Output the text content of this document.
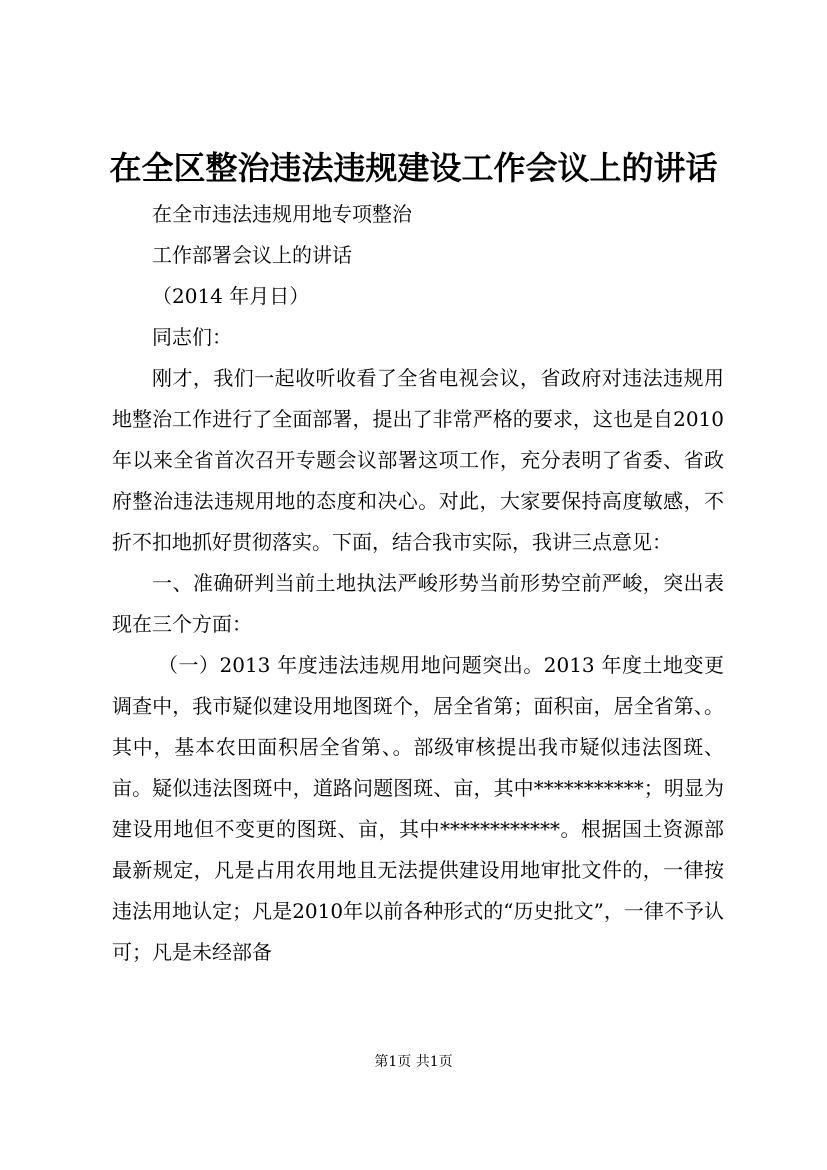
在全区整治违法违规建设工作会议上的讲话
在全市违法违规用地专项整治
工作部署会议上的讲话
（2014 年月日）
同志们：
刚才，我们一起收听收看了全省电视会议，省政府对违法违规用地整治工作进行了全面部署，提出了非常严格的要求，这也是自2010年以来全省首次召开专题会议部署这项工作，充分表明了省委、省政府整治违法违规用地的态度和决心。对此，大家要保持高度敏感，不折不扣地抓好贯彻落实。下面，结合我市实际，我讲三点意见：
一、准确研判当前土地执法严峻形势当前形势空前严峻，突出表现在三个方面：
（一）2013 年度违法违规用地问题突出。2013 年度土地变更调查中，我市疑似建设用地图斑个，居全省第；面积亩，居全省第、。其中，基本农田面积居全省第、。部级审核提出我市疑似违法图斑、亩。疑似违法图斑中，道路问题图斑、亩，其中***********；明显为建设用地但不变更的图斑、亩，其中************。根据国土资源部最新规定，凡是占用农用地且无法提供建设用地审批文件的，一律按违法用地认定；凡是2010年以前各种形式的“历史批文”，一律不予认可；凡是未经部备
第1页 共1页
